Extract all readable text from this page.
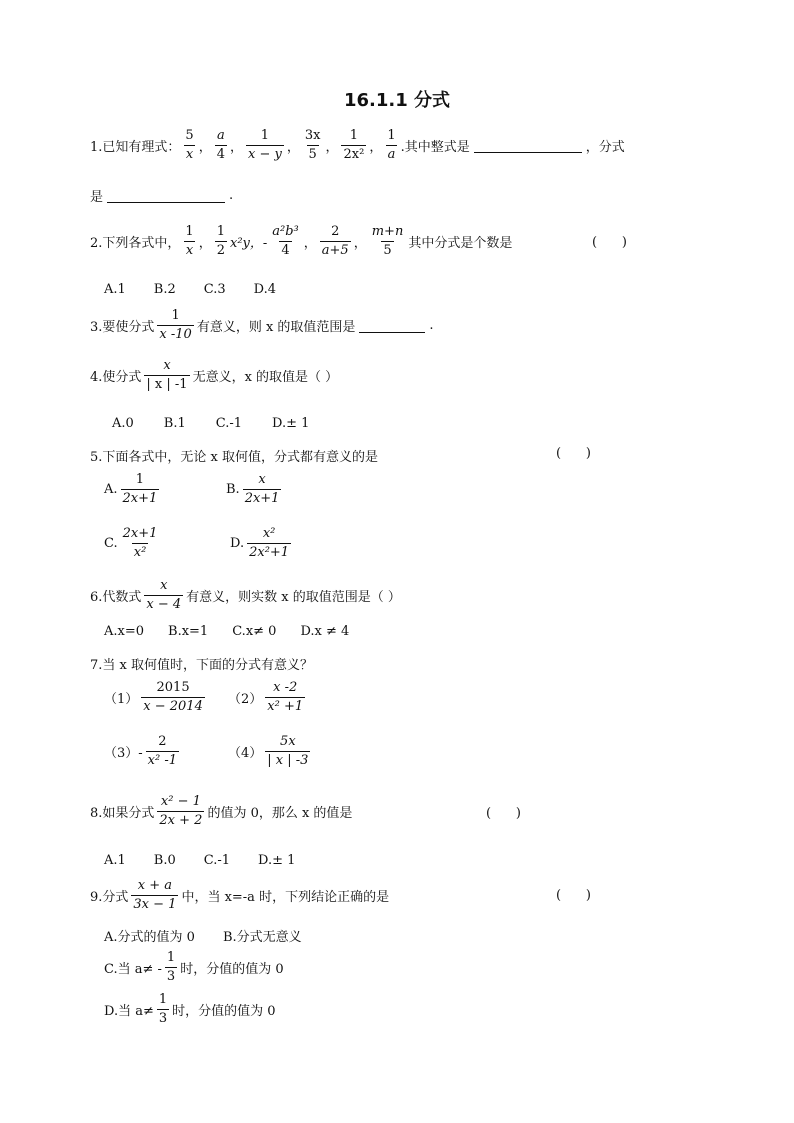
16.1.1 分式
1.已知有理式：
5
x ，
a
4 ，
1
x − y ，
3x
5 ，
1
2x² ，
1
a .其中整式是	，分式
是	.
2.下列各式中，
1
x ，
1
2 x²y，-
a²b³
4 ，
2
a+5 ，
m+n
5 其中分式是个数是	(      )
A.1 B.2 C.3 D.4
3.要使分式
1
x -10 有意义，则 x 的取值范围是	.
4.使分式
x
| x | -1 无意义，x 的取值是（ ）
A.0 B.1 C.-1 D.± 1
5.下面各式中，无论 x 取何值，分式都有意义的是	(      )
A.
1
2x+1
B.
x
2x+1
C.
2x+1
x²
D.
x²
2x²+1
6.代数式
x
x − 4 有意义，则实数 x 的取值范围是（ ）
A.x=0 B.x=1 C.x≠ 0 D.x ≠ 4
7.当 x 取何值时，下面的分式有意义？
（1）
2015
x − 2014 （2）
x -2
x² +1
（3）-
2
x² -1	（4）
5x
| x | -3
8.如果分式
x² − 1
2x + 2 的值为 0，那么 x 的值是	(      )
A.1 B.0 C.-1 D.± 1
9.分式
x + a
3x − 1 中，当 x=-a 时，下列结论正确的是	(      )
A.分式的值为 0 B.分式无意义
C.当 a≠ -
1
3 时，分值的值为 0
D.当 a≠
1
3 时，分值的值为 0
